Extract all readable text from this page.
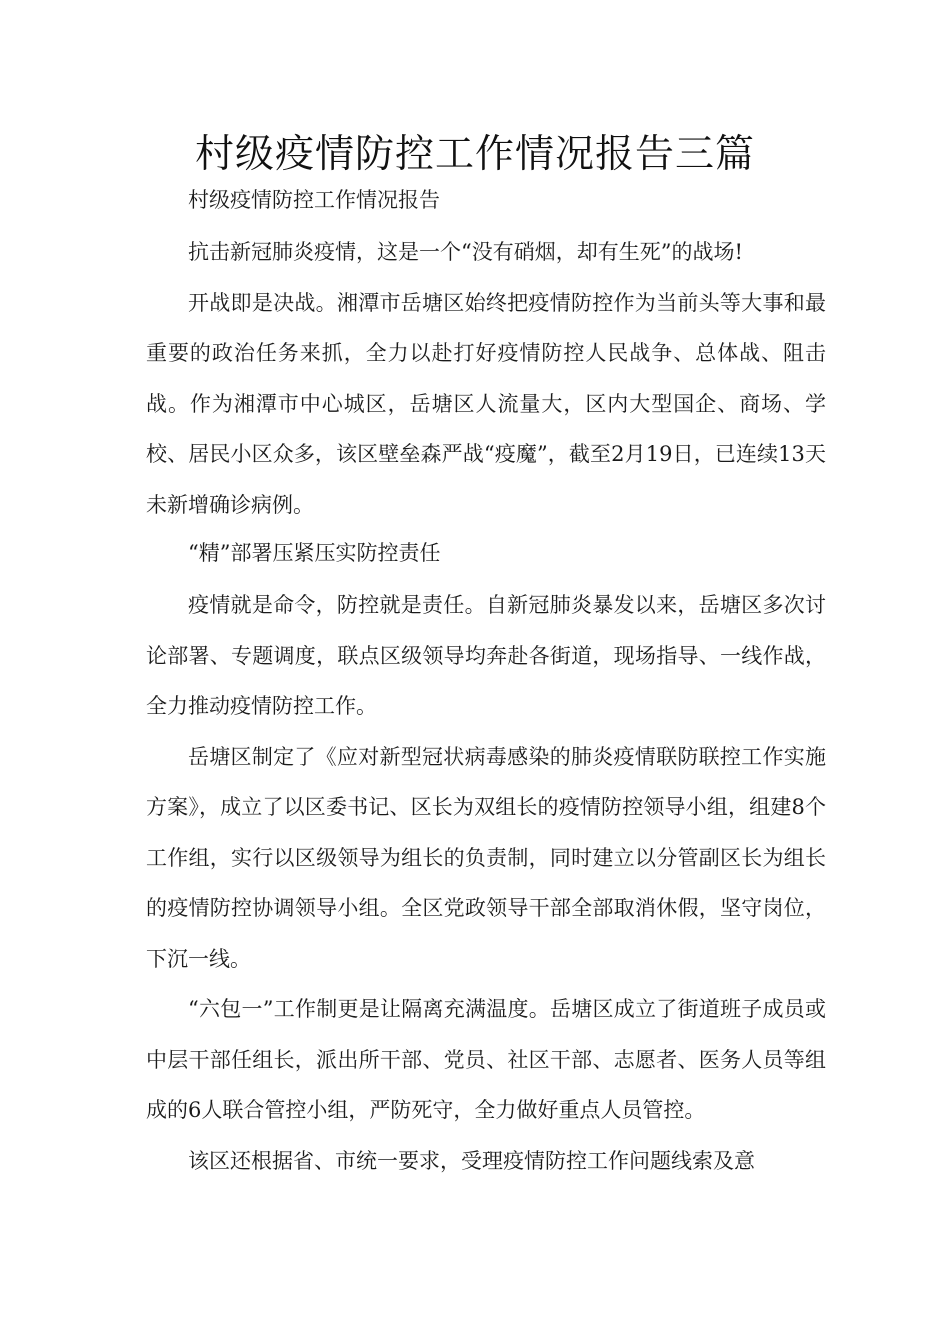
村级疫情防控工作情况报告三篇

村级疫情防控工作情况报告

抗击新冠肺炎疫情，这是一个“没有硝烟，却有生死”的战场!

开战即是决战。湘潭市岳塘区始终把疫情防控作为当前头等大事和最重要的政治任务来抓，全力以赴打好疫情防控人民战争、总体战、阻击战。作为湘潭市中心城区，岳塘区人流量大，区内大型国企、商场、学校、居民小区众多，该区壁垒森严战“疫魔”，截至2月19日，已连续13天未新增确诊病例。

“精”部署压紧压实防控责任

疫情就是命令，防控就是责任。自新冠肺炎暴发以来，岳塘区多次讨论部署、专题调度，联点区级领导均奔赴各街道，现场指导、一线作战，全力推动疫情防控工作。

岳塘区制定了《应对新型冠状病毒感染的肺炎疫情联防联控工作实施方案》，成立了以区委书记、区长为双组长的疫情防控领导小组，组建8个工作组，实行以区级领导为组长的负责制，同时建立以分管副区长为组长的疫情防控协调领导小组。全区党政领导干部全部取消休假，坚守岗位，下沉一线。

“六包一”工作制更是让隔离充满温度。岳塘区成立了街道班子成员或中层干部任组长，派出所干部、党员、社区干部、志愿者、医务人员等组成的6人联合管控小组，严防死守，全力做好重点人员管控。

该区还根据省、市统一要求，受理疫情防控工作问题线索及意
